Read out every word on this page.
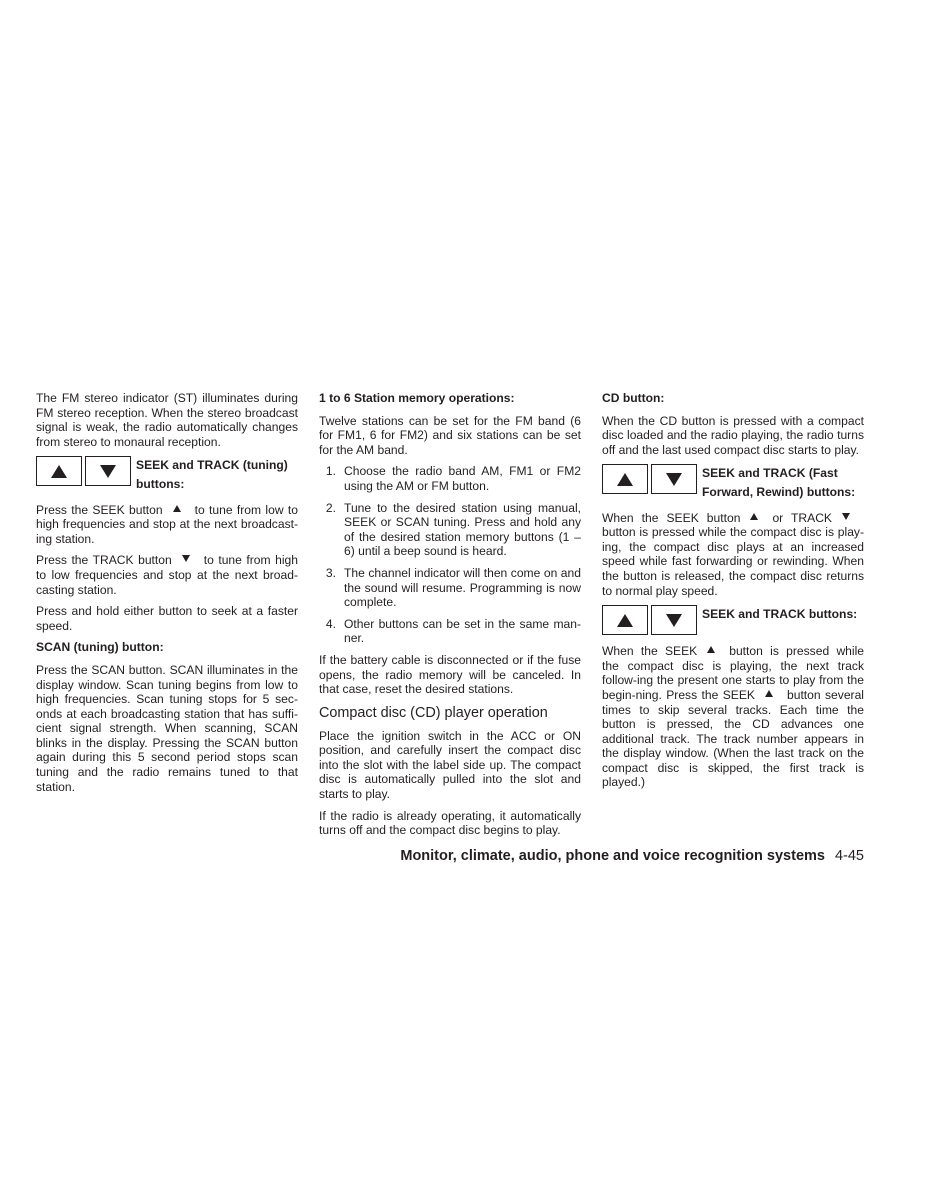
The FM stereo indicator (ST) illuminates during FM stereo reception. When the stereo broadcast signal is weak, the radio automatically changes from stereo to monaural reception.

SEEK and TRACK (tuning)
buttons:

Press the SEEK button	to tune from low to high frequencies and stop at the next broadcast-ing station.

Press the TRACK button	to tune from high to low frequencies and stop at the next broad-casting station.

Press and hold either button to seek at a faster speed.

SCAN (tuning) button:

Press the SCAN button. SCAN illuminates in the display window. Scan tuning begins from low to high frequencies. Scan tuning stops for 5 sec-onds at each broadcasting station that has suffi-cient signal strength. When scanning, SCAN blinks in the display. Pressing the SCAN button again during this 5 second period stops scan tuning and the radio remains tuned to that station.

1 to 6 Station memory operations:

Twelve stations can be set for the FM band (6 for FM1, 6 for FM2) and six stations can be set for the AM band.

1. Choose the radio band AM, FM1 or FM2 using the AM or FM button.
2. Tune to the desired station using manual, SEEK or SCAN tuning. Press and hold any of the desired station memory buttons (1 – 6) until a beep sound is heard.
3. The channel indicator will then come on and the sound will resume. Programming is now complete.
4. Other buttons can be set in the same man-ner.

If the battery cable is disconnected or if the fuse opens, the radio memory will be canceled. In that case, reset the desired stations.

Compact disc (CD) player operation

Place the ignition switch in the ACC or ON position, and carefully insert the compact disc into the slot with the label side up. The compact disc is automatically pulled into the slot and starts to play.

If the radio is already operating, it automatically turns off and the compact disc begins to play.

CD button:

When the CD button is pressed with a compact disc loaded and the radio playing, the radio turns off and the last used compact disc starts to play.

SEEK and TRACK (Fast
Forward, Rewind) buttons:

When the SEEK button	or TRACKbutton is pressed while the compact disc is play-ing, the compact disc plays at an increased speed while fast forwarding or rewinding. When the button is released, the compact disc returns to normal play speed.

SEEK and TRACK buttons:

When the SEEK	button is pressed while the compact disc is playing, the next track follow-ing the present one starts to play from the begin-ning. Press the SEEK	button several times to skip several tracks. Each time the button is pressed, the CD advances one additional track. The track number appears in the display window. (When the last track on the compact disc is skipped, the first track is played.)

Monitor, climate, audio, phone and voice recognition systems 4-45
